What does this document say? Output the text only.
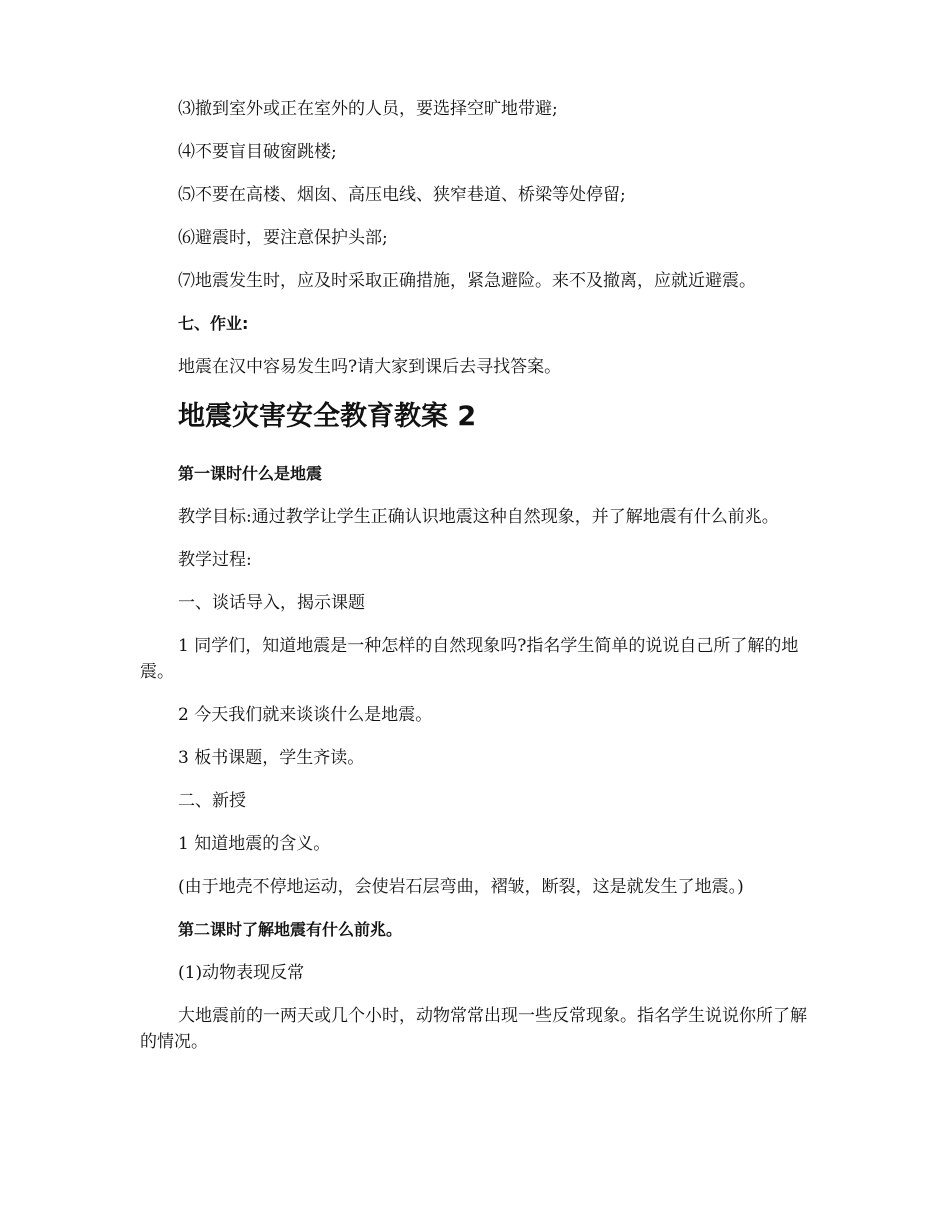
⑶撤到室外或正在室外的人员，要选择空旷地带避;

⑷不要盲目破窗跳楼;

⑸不要在高楼、烟囱、高压电线、狭窄巷道、桥梁等处停留;

⑹避震时，要注意保护头部;

⑺地震发生时，应及时采取正确措施，紧急避险。来不及撤离，应就近避震。

七、作业:

地震在汉中容易发生吗?请大家到课后去寻找答案。

地震灾害安全教育教案 2

第一课时什么是地震

教学目标:通过教学让学生正确认识地震这种自然现象，并了解地震有什么前兆。

教学过程:

一、谈话导入，揭示课题

1 同学们，知道地震是一种怎样的自然现象吗?指名学生简单的说说自己所了解的地震。

2 今天我们就来谈谈什么是地震。

3 板书课题，学生齐读。

二、新授

1 知道地震的含义。

(由于地壳不停地运动，会使岩石层弯曲，褶皱，断裂，这是就发生了地震。)

第二课时了解地震有什么前兆。

(1)动物表现反常

大地震前的一两天或几个小时，动物常常出现一些反常现象。指名学生说说你所了解的情况。
